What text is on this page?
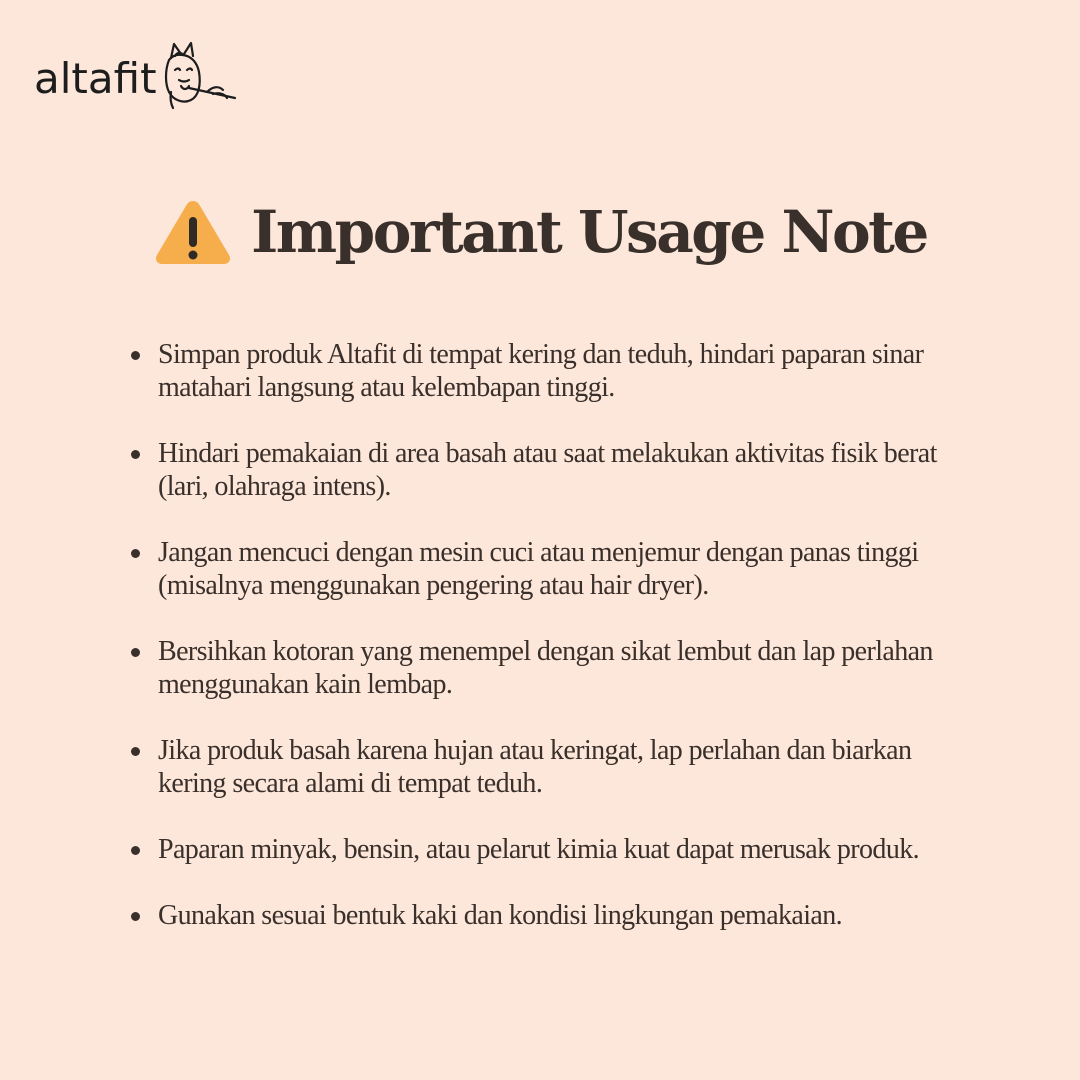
altafit
Important Usage Note
Simpan produk Altafit di tempat kering dan teduh, hindari paparan sinar matahari langsung atau kelembapan tinggi.
Hindari pemakaian di area basah atau saat melakukan aktivitas fisik berat (lari, olahraga intens).
Jangan mencuci dengan mesin cuci atau menjemur dengan panas tinggi (misalnya menggunakan pengering atau hair dryer).
Bersihkan kotoran yang menempel dengan sikat lembut dan lap perlahan menggunakan kain lembap.
Jika produk basah karena hujan atau keringat, lap perlahan dan biarkan kering secara alami di tempat teduh.
Paparan minyak, bensin, atau pelarut kimia kuat dapat merusak produk.
Gunakan sesuai bentuk kaki dan kondisi lingkungan pemakaian.
